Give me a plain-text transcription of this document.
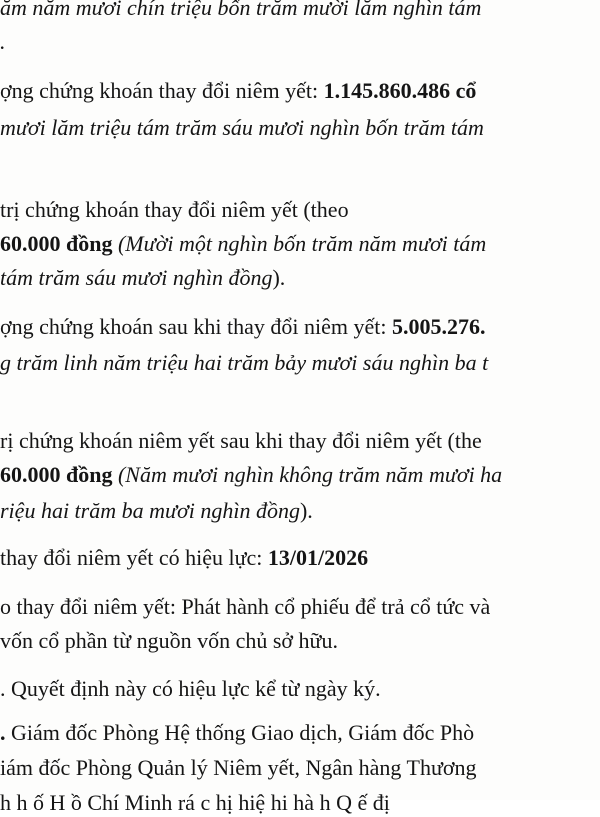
ăm năm mươi chín triệu bốn trăm mười lăm nghìn tám
.
ợng chứng khoán thay đổi niêm yết: 1.145.860.486 cổ
mươi lăm triệu tám trăm sáu mươi nghìn bốn trăm tám
trị chứng khoán thay đổi niêm yết (theo
60.000 đồng (Mười một nghìn bốn trăm năm mươi tám
tám trăm sáu mươi nghìn đồng).
ợng chứng khoán sau khi thay đổi niêm yết: 5.005.276.
g trăm linh năm triệu hai trăm bảy mươi sáu nghìn ba t
rị chứng khoán niêm yết sau khi thay đổi niêm yết (the
60.000 đồng (Năm mươi nghìn không trăm năm mươi ha
riệu hai trăm ba mươi nghìn đồng).
thay đổi niêm yết có hiệu lực: 13/01/2026
o thay đổi niêm yết: Phát hành cổ phiếu để trả cổ tức và
vốn cổ phần từ nguồn vốn chủ sở hữu.
. Quyết định này có hiệu lực kể từ ngày ký.
. Giám đốc Phòng Hệ thống Giao dịch, Giám đốc Phò
iám đốc Phòng Quản lý Niêm yết, Ngân hàng Thương
h h ố H ồ Chí Minh rá c hị hiệ hi hà h Q ế đị
